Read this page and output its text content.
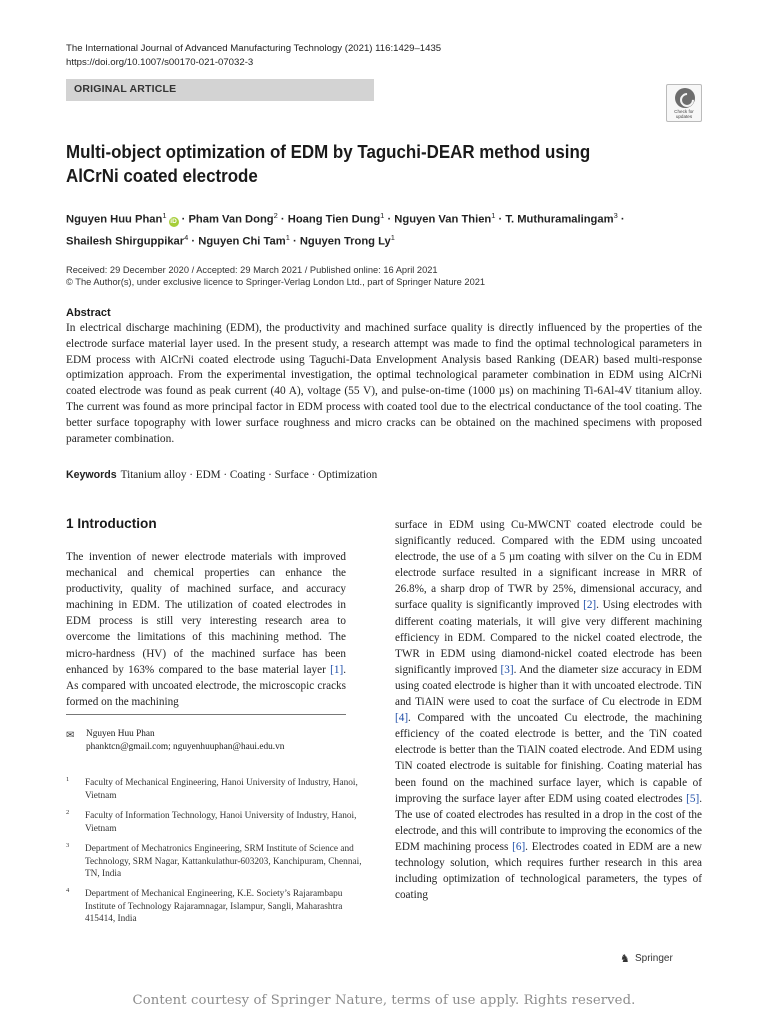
The International Journal of Advanced Manufacturing Technology (2021) 116:1429–1435
https://doi.org/10.1007/s00170-021-07032-3
ORIGINAL ARTICLE
Check for updates
Multi-object optimization of EDM by Taguchi-DEAR method using
AlCrNi coated electrode
Nguyen Huu Phan$^1$iD · Pham Van Dong$^2$ · Hoang Tien Dung$^1$ · Nguyen Van Thien$^1$ · T. Muthuramalingam$^3$ ·
Shailesh Shirguppikar$^4$ · Nguyen Chi Tam$^1$ · Nguyen Trong Ly$^1$
Received: 29 December 2020 / Accepted: 29 March 2021 / Published online: 16 April 2021
© The Author(s), under exclusive licence to Springer-Verlag London Ltd., part of Springer Nature 2021
Abstract
In electrical discharge machining (EDM), the productivity and machined surface quality is directly influenced by the properties of the electrode surface material layer used. In the present study, a research attempt was made to find the optimal technological parameters in EDM process with AlCrNi coated electrode using Taguchi-Data Envelopment Analysis based Ranking (DEAR) based multi-response optimization approach. From the experimental investigation, the optimal technological parameter combination in EDM using AlCrNi coated electrode was found as peak current (40 A), voltage (55 V), and pulse-on-time (1000 µs) on machining Ti-6Al-4V titanium alloy. The current was found as more principal factor in EDM process with coated tool due to the electrical conductance of the tool coating. The better surface topography with lower surface roughness and micro cracks can be obtained on the machined specimens with proposed parameter combination.
Keywords Titanium alloy · EDM · Coating · Surface · Optimization
1 Introduction
The invention of newer electrode materials with improved mechanical and chemical properties can enhance the productivity, quality of machined surface, and accuracy machining in EDM. The utilization of coated electrodes in EDM process is still very interesting research area to overcome the limitations of this machining method. The micro-hardness (HV) of the machined surface has been enhanced by 163% compared to the base material layer [1]. As compared with uncoated electrode, the microscopic cracks formed on the machining
surface in EDM using Cu-MWCNT coated electrode could be significantly reduced. Compared with the EDM using uncoated electrode, the use of a 5 µm coating with silver on the Cu in EDM electrode surface resulted in a significant increase in MRR of 26.8%, a sharp drop of TWR by 25%, dimensional accuracy, and surface quality is significantly improved [2]. Using electrodes with different coating materials, it will give very different machining efficiency in EDM. Compared to the nickel coated electrode, the TWR in EDM using diamond-nickel coated electrode has been significantly improved [3]. And the diameter size accuracy in EDM using coated electrode is higher than it with uncoated electrode. TiN and TiAlN were used to coat the surface of Cu electrode in EDM [4]. Compared with the uncoated Cu electrode, the machining efficiency of the coated electrode is better, and the TiN coated electrode is better than the TiAlN coated electrode. And EDM using TiN coated electrode is suitable for finishing. Coating material has been found on the machined surface layer, which is capable of improving the surface layer after EDM using coated electrodes [5]. The use of coated electrodes has resulted in a drop in the cost of the electrode, and this will contribute to improving the economics of the EDM machining process [6]. Electrodes coated in EDM are a new technology solution, which requires further research in this area including optimization of technological parameters, the types of coating
✉	Nguyen Huu Phan
phanktcn@gmail.com; nguyenhuuphan@haui.edu.vn
1 Faculty of Mechanical Engineering, Hanoi University of Industry, Hanoi, Vietnam
2 Faculty of Information Technology, Hanoi University of Industry, Hanoi, Vietnam
3 Department of Mechatronics Engineering, SRM Institute of Science and Technology, SRM Nagar, Kattankulathur-603203, Kanchipuram, Chennai, TN, India
4 Department of Mechanical Engineering, K.E. Society’s Rajarambapu Institute of Technology Rajaramnagar, Islampur, Sangli, Maharashtra 415414, India
♞ Springer
Content courtesy of Springer Nature, terms of use apply. Rights reserved.
